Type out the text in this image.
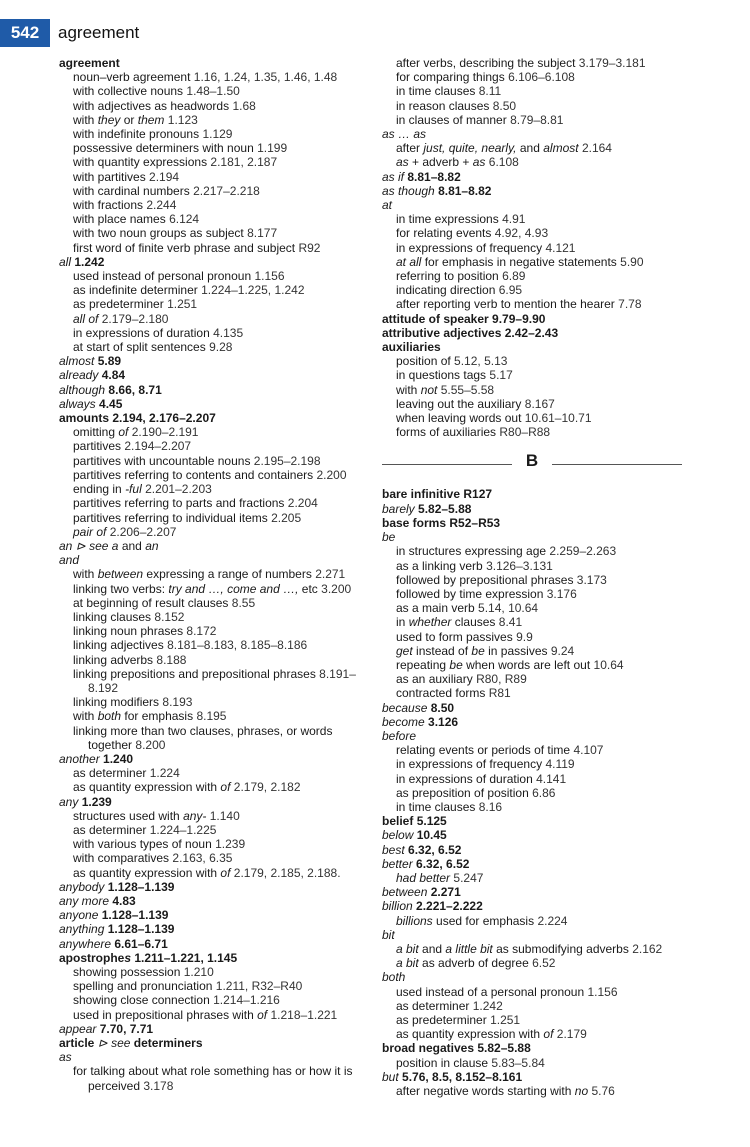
542	agreement
agreement
noun–verb agreement 1.16, 1.24, 1.35, 1.46, 1.48
with collective nouns 1.48–1.50
with adjectives as headwords 1.68
with they or them 1.123
with indefinite pronouns 1.129
possessive determiners with noun 1.199
with quantity expressions 2.181, 2.187
with partitives 2.194
with cardinal numbers 2.217–2.218
with fractions 2.244
with place names 6.124
with two noun groups as subject 8.177
first word of finite verb phrase and subject R92
all 1.242
used instead of personal pronoun 1.156
as indefinite determiner 1.224–1.225, 1.242
as predeterminer 1.251
all of 2.179–2.180
in expressions of duration 4.135
at start of split sentences 9.28
almost 5.89
already 4.84
although 8.66, 8.71
always 4.45
amounts 2.194, 2.176–2.207
omitting of 2.190–2.191
partitives 2.194–2.207
partitives with uncountable nouns 2.195–2.198
partitives referring to contents and containers 2.200
ending in -ful 2.201–2.203
partitives referring to parts and fractions 2.204
partitives referring to individual items 2.205
pair of 2.206–2.207
an ⊳ see a and an
and
with between expressing a range of numbers 2.271
linking two verbs: try and …, come and …, etc 3.200
at beginning of result clauses 8.55
linking clauses 8.152
linking noun phrases 8.172
linking adjectives 8.181–8.183, 8.185–8.186
linking adverbs 8.188
linking prepositions and prepositional phrases 8.191–8.192
linking modifiers 8.193
with both for emphasis 8.195
linking more than two clauses, phrases, or words together 8.200
another 1.240
as determiner 1.224
as quantity expression with of 2.179, 2.182
any 1.239
structures used with any- 1.140
as determiner 1.224–1.225
with various types of noun 1.239
with comparatives 2.163, 6.35
as quantity expression with of 2.179, 2.185, 2.188.
anybody 1.128–1.139
any more 4.83
anyone 1.128–1.139
anything 1.128–1.139
anywhere 6.61–6.71
apostrophes 1.211–1.221, 1.145
showing possession 1.210
spelling and pronunciation 1.211, R32–R40
showing close connection 1.214–1.216
used in prepositional phrases with of 1.218–1.221
appear 7.70, 7.71
article ⊳ see determiners
as
for talking about what role something has or how it is perceived 3.178
after verbs, describing the subject 3.179–3.181
for comparing things 6.106–6.108
in time clauses 8.11
in reason clauses 8.50
in clauses of manner 8.79–8.81
as … as
after just, quite, nearly, and almost 2.164
as + adverb + as 6.108
as if 8.81–8.82
as though 8.81–8.82
at
in time expressions 4.91
for relating events 4.92, 4.93
in expressions of frequency 4.121
at all for emphasis in negative statements 5.90
referring to position 6.89
indicating direction 6.95
after reporting verb to mention the hearer 7.78
attitude of speaker 9.79–9.90
attributive adjectives 2.42–2.43
auxiliaries
position of 5.12, 5.13
in questions tags 5.17
with not 5.55–5.58
leaving out the auxiliary 8.167
when leaving words out 10.61–10.71
forms of auxiliaries R80–R88
B
bare infinitive R127
barely 5.82–5.88
base forms R52–R53
be
in structures expressing age 2.259–2.263
as a linking verb 3.126–3.131
followed by prepositional phrases 3.173
followed by time expression 3.176
as a main verb 5.14, 10.64
in whether clauses 8.41
used to form passives 9.9
get instead of be in passives 9.24
repeating be when words are left out 10.64
as an auxiliary R80, R89
contracted forms R81
because 8.50
become 3.126
before
relating events or periods of time 4.107
in expressions of frequency 4.119
in expressions of duration 4.141
as preposition of position 6.86
in time clauses 8.16
belief 5.125
below 10.45
best 6.32, 6.52
better 6.32, 6.52
had better 5.247
between 2.271
billion 2.221–2.222
billions used for emphasis 2.224
bit
a bit and a little bit as submodifying adverbs 2.162
a bit as adverb of degree 6.52
both
used instead of a personal pronoun 1.156
as determiner 1.242
as predeterminer 1.251
as quantity expression with of 2.179
broad negatives 5.82–5.88
position in clause 5.83–5.84
but 5.76, 8.5, 8.152–8.161
after negative words starting with no 5.76
